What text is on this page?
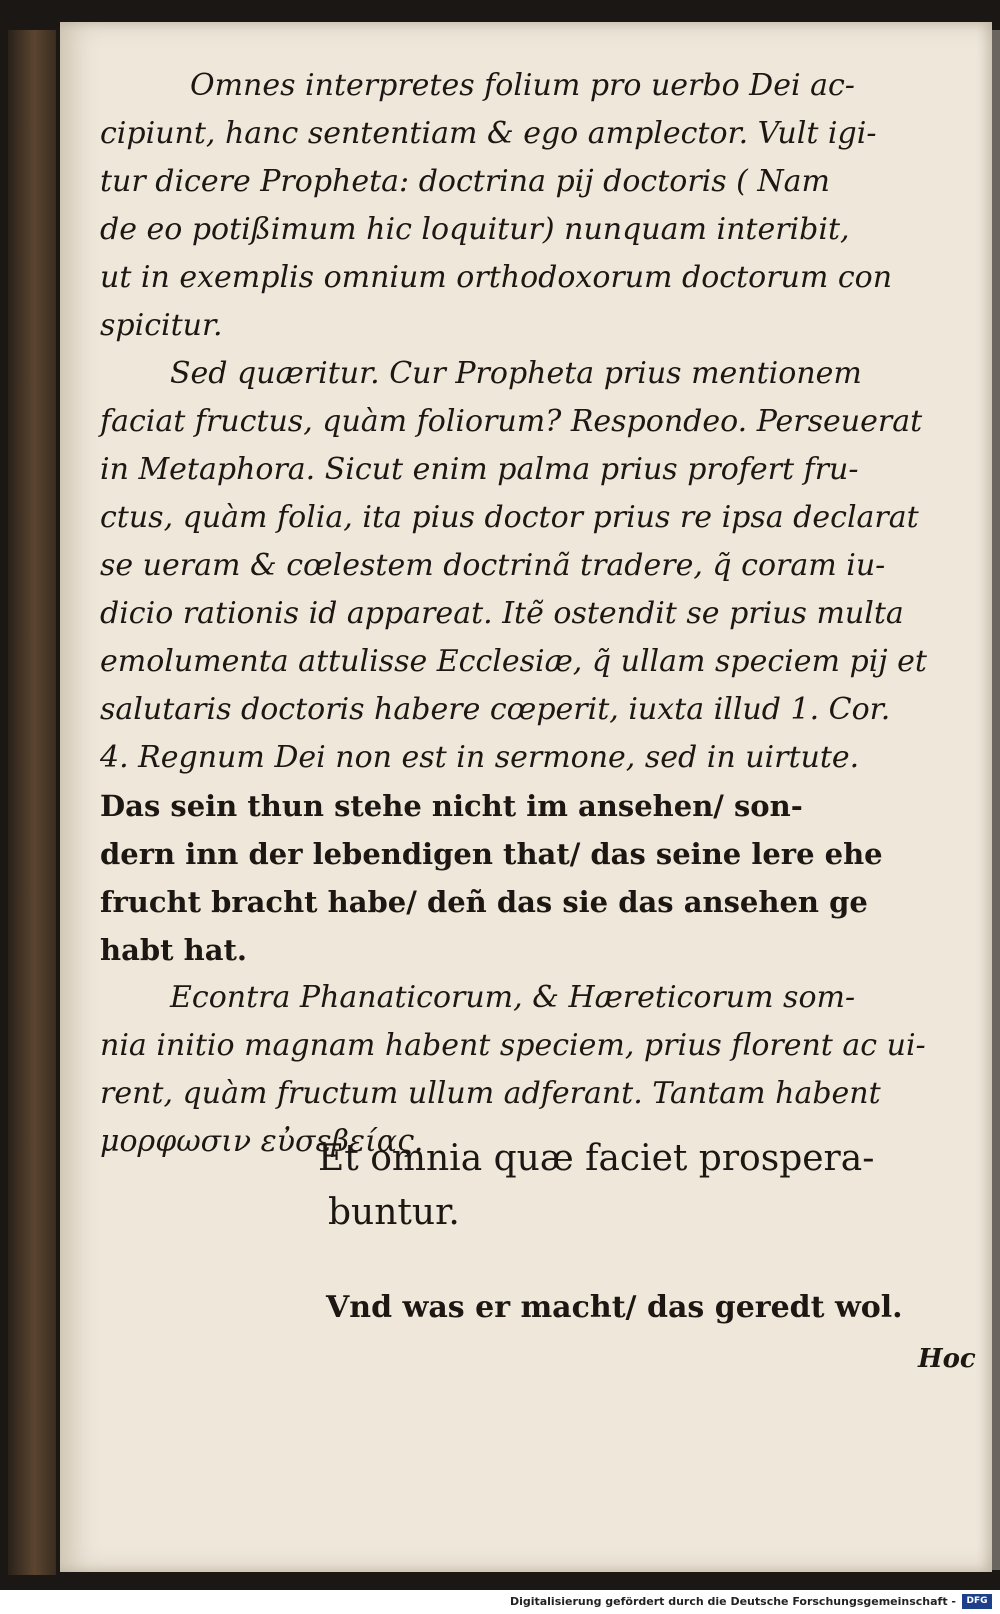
Omnes interpretes folium pro uerbo Dei ac-
cipiunt, hanc sententiam & ego amplector. Vult igi-
tur dicere Propheta: doctrina pij doctoris ( Nam
de eo potißimum hic loquitur) nunquam interibit,
ut in exemplis omnium orthodoxorum doctorum con
spicitur.
Sed quæritur. Cur Propheta prius mentionem
faciat fructus, quàm foliorum? Respondeo. Perseuerat
in Metaphora. Sicut enim palma prius profert fru-
ctus, quàm folia, ita pius doctor prius re ipsa declarat
se ueram & cœlestem doctrinã tradere, q̃ coram iu-
dicio rationis id appareat. Itẽ ostendit se prius multa
emolumenta attulisse Ecclesiæ, q̃ ullam speciem pij et
salutaris doctoris habere cœperit, iuxta illud 1. Cor.
4. Regnum Dei non est in sermone, sed in uirtute.
Das sein thun stehe nicht im ansehen/ son-
dern inn der lebendigen that/ das seine lere ehe
frucht bracht habe/ deñ das sie das ansehen ge
habt hat.
Econtra Phanaticorum, & Hæreticorum som-
nia initio magnam habent speciem, prius florent ac ui-
rent, quàm fructum ullum adferant. Tantam habent
μορφωσιν εὐσεβείας.
Et omnia quæ faciet prospera-
buntur.
Vnd was er macht/ das geredt wol.
Hoc
Digitalisierung gefördert durch die Deutsche Forschungsgemeinschaft -	DFG
